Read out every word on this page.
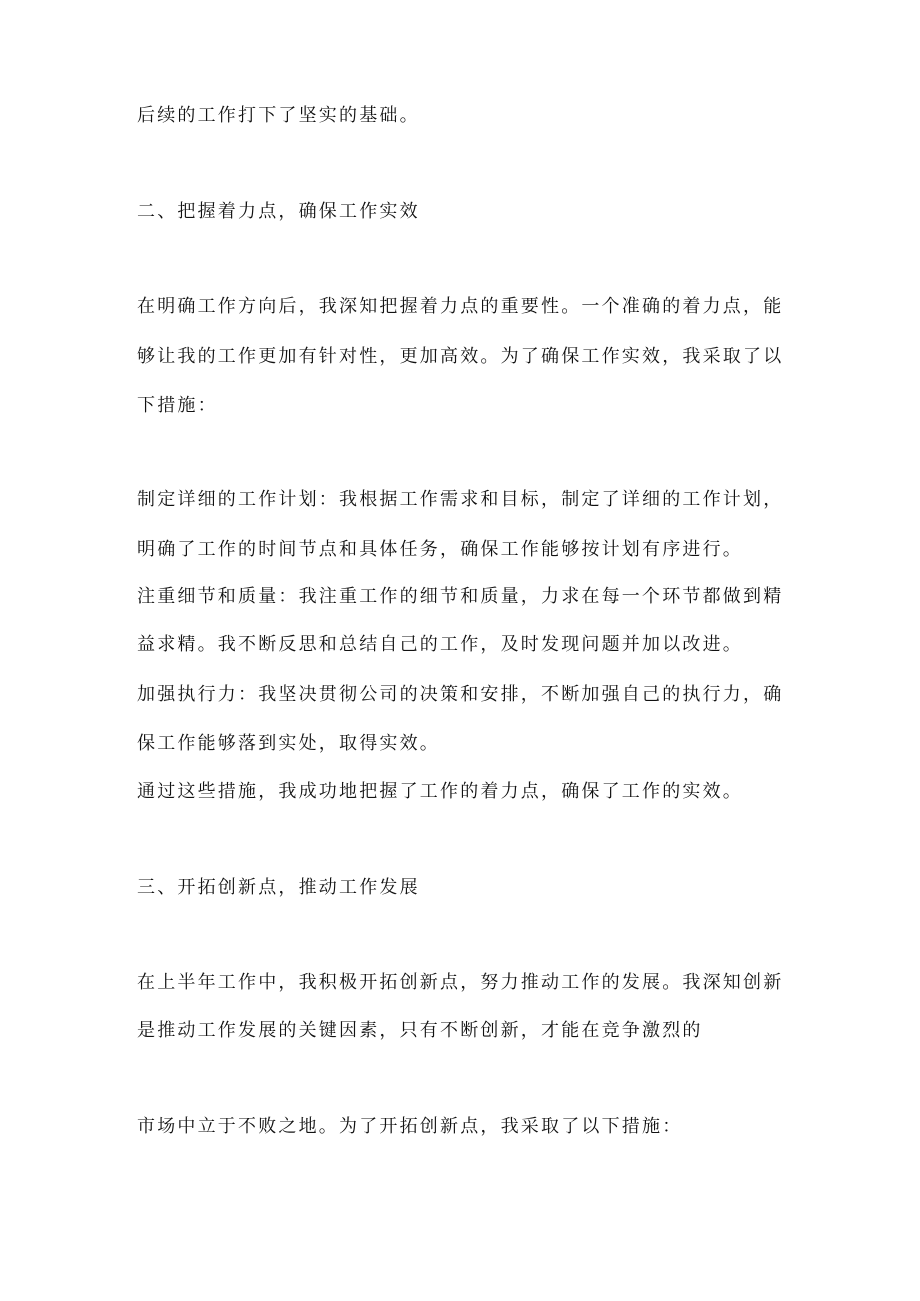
后续的工作打下了坚实的基础。
二、把握着力点，确保工作实效
在明确工作方向后，我深知把握着力点的重要性。一个准确的着力点，能
够让我的工作更加有针对性，更加高效。为了确保工作实效，我采取了以
下措施：
制定详细的工作计划：我根据工作需求和目标，制定了详细的工作计划，
明确了工作的时间节点和具体任务，确保工作能够按计划有序进行。
注重细节和质量：我注重工作的细节和质量，力求在每一个环节都做到精
益求精。我不断反思和总结自己的工作，及时发现问题并加以改进。
加强执行力：我坚决贯彻公司的决策和安排，不断加强自己的执行力，确
保工作能够落到实处，取得实效。
通过这些措施，我成功地把握了工作的着力点，确保了工作的实效。
三、开拓创新点，推动工作发展
在上半年工作中，我积极开拓创新点，努力推动工作的发展。我深知创新
是推动工作发展的关键因素，只有不断创新，才能在竞争激烈的
市场中立于不败之地。为了开拓创新点，我采取了以下措施：
